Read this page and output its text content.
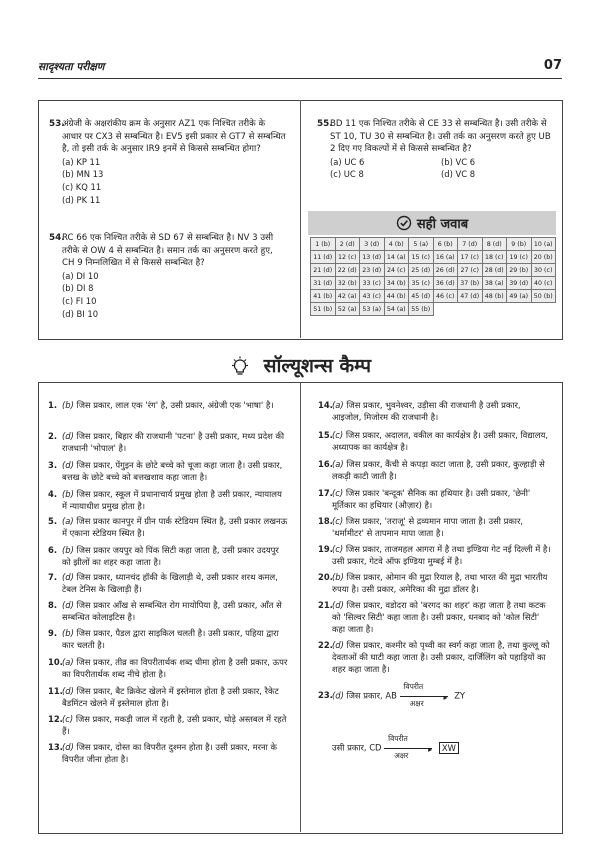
सादृश्यता परीक्षण	07
53.
अंग्रेजी के अक्षरांकीय क्रम के अनुसार AZ1 एक निश्चित तरीके के आधार पर CX3 से सम्बन्धित है। EV5 इसी प्रकार से GT7 से सम्बन्धित है, तो इसी तर्क के अनुसार IR9 इनमें से किससे सम्बन्धित होगा?
(a) KP 11
(b) MN 13
(c) KQ 11
(d) PK 11
54.
RC 66 एक निश्चित तरीके से SD 67 से सम्बन्धित है। NV 3 उसी तरीके से OW 4 से सम्बन्धित है। समान तर्क का अनुसरण करते हुए, CH 9 निम्नलिखित में से किससे सम्बन्धित है?
(a) DI 10
(b) DI 8
(c) FI 10
(d) BI 10
55.
BD 11 एक निश्चित तरीके से CE 33 से सम्बन्धित है। उसी तरीके से ST 10, TU 30 से सम्बन्धित है। उसी तर्क का अनुसरण करते हुए UB 2 दिए गए विकल्पों में से किससे सम्बन्धित है?
(a) UC 6	(b) VC 6
(c) UC 8	(d) VC 8
सही जवाब
1 (b)	2 (d)	3 (d)	4 (b)	5 (a)	6 (b)	7 (d)	8 (d)	9 (b)	10 (a)
11 (d)	12 (c)	13 (d)	14 (a)	15 (c)	16 (a)	17 (c)	18 (c)	19 (c)	20 (b)
21 (d)	22 (d)	23 (d)	24 (c)	25 (d)	26 (d)	27 (c)	28 (d)	29 (b)	30 (c)
31 (d)	32 (b)	33 (c)	34 (b)	35 (c)	36 (d)	37 (b)	38 (a)	39 (d)	40 (c)
41 (b)	42 (a)	43 (c)	44 (b)	45 (d)	46 (c)	47 (d)	48 (b)	49 (a)	50 (b)
51 (b)	52 (a)	53 (a)	54 (a)	55 (b)					
सॉल्यूशन्स कैम्प
1. (b) जिस प्रकार, लाल एक 'रंग' है, उसी प्रकार, अंग्रेजी एक 'भाषा' है।
2. (d) जिस प्रकार, बिहार की राजधानी 'पटना' है उसी प्रकार, मध्य प्रदेश की राजधानी 'भोपाल' है।
3. (d) जिस प्रकार, पेंगुइन के छोटे बच्चे को चूजा कहा जाता है। उसी प्रकार, बत्तख के छोटे बच्चे को बत्तखशाव कहा जाता है।
4. (b) जिस प्रकार, स्कूल में प्रधानाचार्य प्रमुख होता है उसी प्रकार, न्यायालय में न्यायाधीश प्रमुख होता है।
5. (a) जिस प्रकार कानपुर में ग्रीन पार्क स्टेडियम स्थित है, उसी प्रकार लखनऊ में एकाना स्टेडियम स्थित है।
6. (b) जिस प्रकार जयपुर को पिंक सिटी कहा जाता है, उसी प्रकार उदयपुर को झीलों का शहर कहा जाता है।
7. (d) जिस प्रकार, ध्यानचंद हॉकी के खिलाड़ी थे, उसी प्रकार शरथ कमल, टेबल टेनिस के खिलाड़ी हैं।
8. (d) जिस प्रकार आँख से सम्बन्धित रोग मायोपिया है, उसी प्रकार, आँत से सम्बन्धित कोलाइटिस है।
9. (b) जिस प्रकार, पैडल द्वारा साइकिल चलती है। उसी प्रकार, पहिया द्वारा कार चलती है।
10. (a) जिस प्रकार, तीव्र का विपरीतार्थक शब्द धीमा होता है उसी प्रकार, ऊपर का विपरीतार्थक शब्द नीचे होता है।
11. (d) जिस प्रकार, बैट क्रिकेट खेलने में इस्तेमाल होता है उसी प्रकार, रैकेट बैडमिंटन खेलने में इस्तेमाल होता है।
12. (c) जिस प्रकार, मकड़ी जाल में रहती है, उसी प्रकार, घोड़े अस्तबल में रहते हैं।
13. (d) जिस प्रकार, दोस्त का विपरीत दुश्मन होता है। उसी प्रकार, मरना के विपरीत जीना होता है।
14. (a) जिस प्रकार, भुवनेश्वर, उड़ीसा की राजधानी है उसी प्रकार, आइजोल, मिजोरम की राजधानी है।
15. (c) जिस प्रकार, अदालत, वकील का कार्यक्षेत्र है। उसी प्रकार, विद्यालय, अध्यापक का कार्यक्षेत्र है।
16. (a) जिस प्रकार, कैंची से कपड़ा काटा जाता है, उसी प्रकार, कुल्हाड़ी से लकड़ी काटी जाती है।
17. (c) जिस प्रकार 'बन्दूक' सैनिक का हथियार है। उसी प्रकार, 'छेनी' मूर्तिकार का हथियार (औज़ार) है।
18. (c) जिस प्रकार, 'तराजू' से द्रव्यमान मापा जाता है। उसी प्रकार, 'थर्मामीटर' से तापमान मापा जाता है।
19. (c) जिस प्रकार, ताजमहल आगरा में है तथा इण्डिया गेट नई दिल्ली में है। उसी प्रकार, गेटवे ऑफ इण्डिया मुम्बई में है।
20. (b) जिस प्रकार, ओमान की मुद्रा रियाल है, तथा भारत की मुद्रा भारतीय रुपया है। उसी प्रकार, अमेरिका की मुद्रा डॉलर है।
21. (d) जिस प्रकार, वडोदरा को 'बरगद का शहर' कहा जाता है तथा कटक को 'सिल्वर सिटी' कहा जाता है। उसी प्रकार, धनबाद को 'कोल सिटी' कहा जाता है।
22. (d) जिस प्रकार, कश्मीर को पृथ्वी का स्वर्ग कहा जाता है, तथा कुल्लू को देवताओं की घाटी कहा जाता है। उसी प्रकार, दार्जिलिंग को पहाड़ियों का शहर कहा जाता है।
23. (d) जिस प्रकार, AB
विपरीत
▸
अक्षर
ZY
उसी प्रकार, CD
विपरीत
▸
अक्षर
XW
